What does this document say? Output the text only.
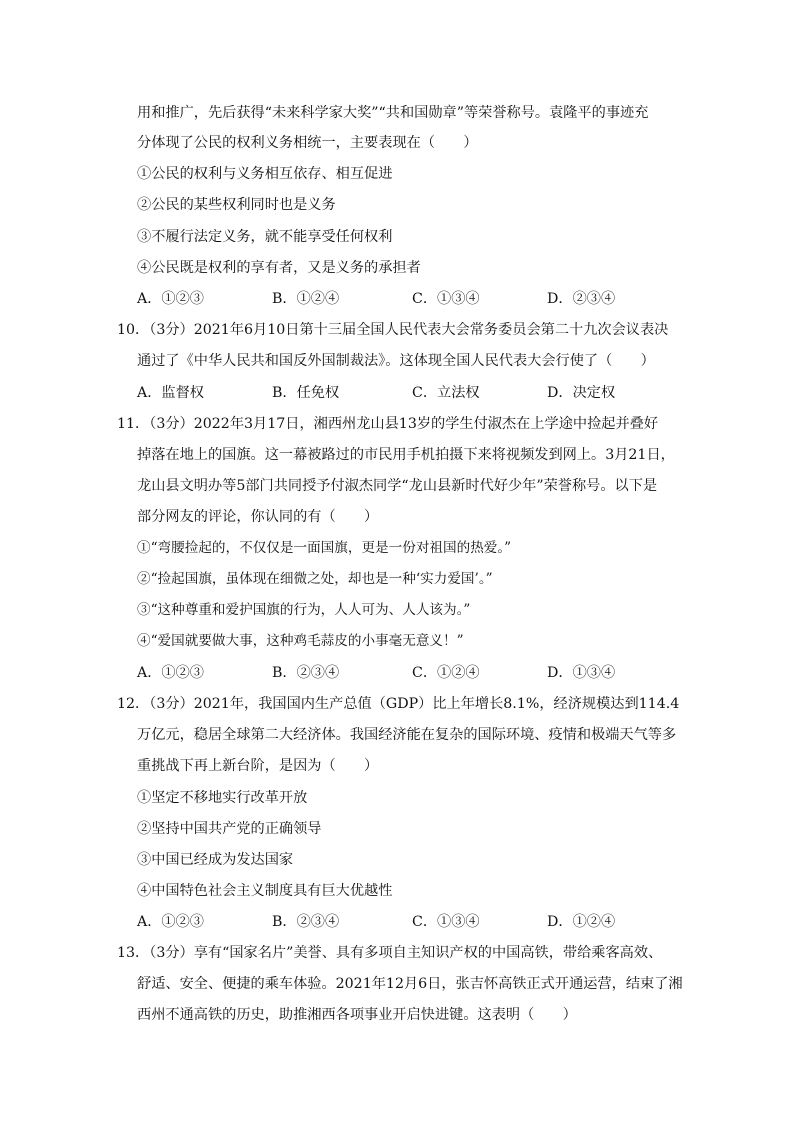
用和推广，先后获得“未来科学家大奖”“共和国勋章”等荣誉称号。袁隆平的事迹充
分体现了公民的权利义务相统一，主要表现在（　　）
①公民的权利与义务相互依存、相互促进
②公民的某些权利同时也是义务
③不履行法定义务，就不能享受任何权利
④公民既是权利的享有者，又是义务的承担者
A．①②③	B．①②④	C．①③④	D．②③④
10．（3分）2021年6月10日第十三届全国人民代表大会常务委员会第二十九次会议表决
通过了《中华人民共和国反外国制裁法》。这体现全国人民代表大会行使了（　　）
A．监督权	B．任免权	C．立法权	D．决定权
11．（3分）2022年3月17日，湘西州龙山县13岁的学生付淑杰在上学途中捡起并叠好
掉落在地上的国旗。这一幕被路过的市民用手机拍摄下来将视频发到网上。3月21日，
龙山县文明办等5部门共同授予付淑杰同学“龙山县新时代好少年”荣誉称号。以下是
部分网友的评论，你认同的有（　　）
①“弯腰捡起的，不仅仅是一面国旗，更是一份对祖国的热爱。”
②“捡起国旗，虽体现在细微之处，却也是一种‘实力爱国’。”
③“这种尊重和爱护国旗的行为，人人可为、人人该为。”
④“爱国就要做大事，这种鸡毛蒜皮的小事毫无意义！”
A．①②③	B．②③④	C．①②④	D．①③④
12．（3分）2021年，我国国内生产总值（GDP）比上年增长8.1%，经济规模达到114.4
万亿元，稳居全球第二大经济体。我国经济能在复杂的国际环境、疫情和极端天气等多
重挑战下再上新台阶，是因为（　　）
①坚定不移地实行改革开放
②坚持中国共产党的正确领导
③中国已经成为发达国家
④中国特色社会主义制度具有巨大优越性
A．①②③	B．②③④	C．①③④	D．①②④
13．（3分）享有“国家名片”美誉、具有多项自主知识产权的中国高铁，带给乘客高效、
舒适、安全、便捷的乘车体验。2021年12月6日，张吉怀高铁正式开通运营，结束了湘
西州不通高铁的历史，助推湘西各项事业开启快进键。这表明（　　）
